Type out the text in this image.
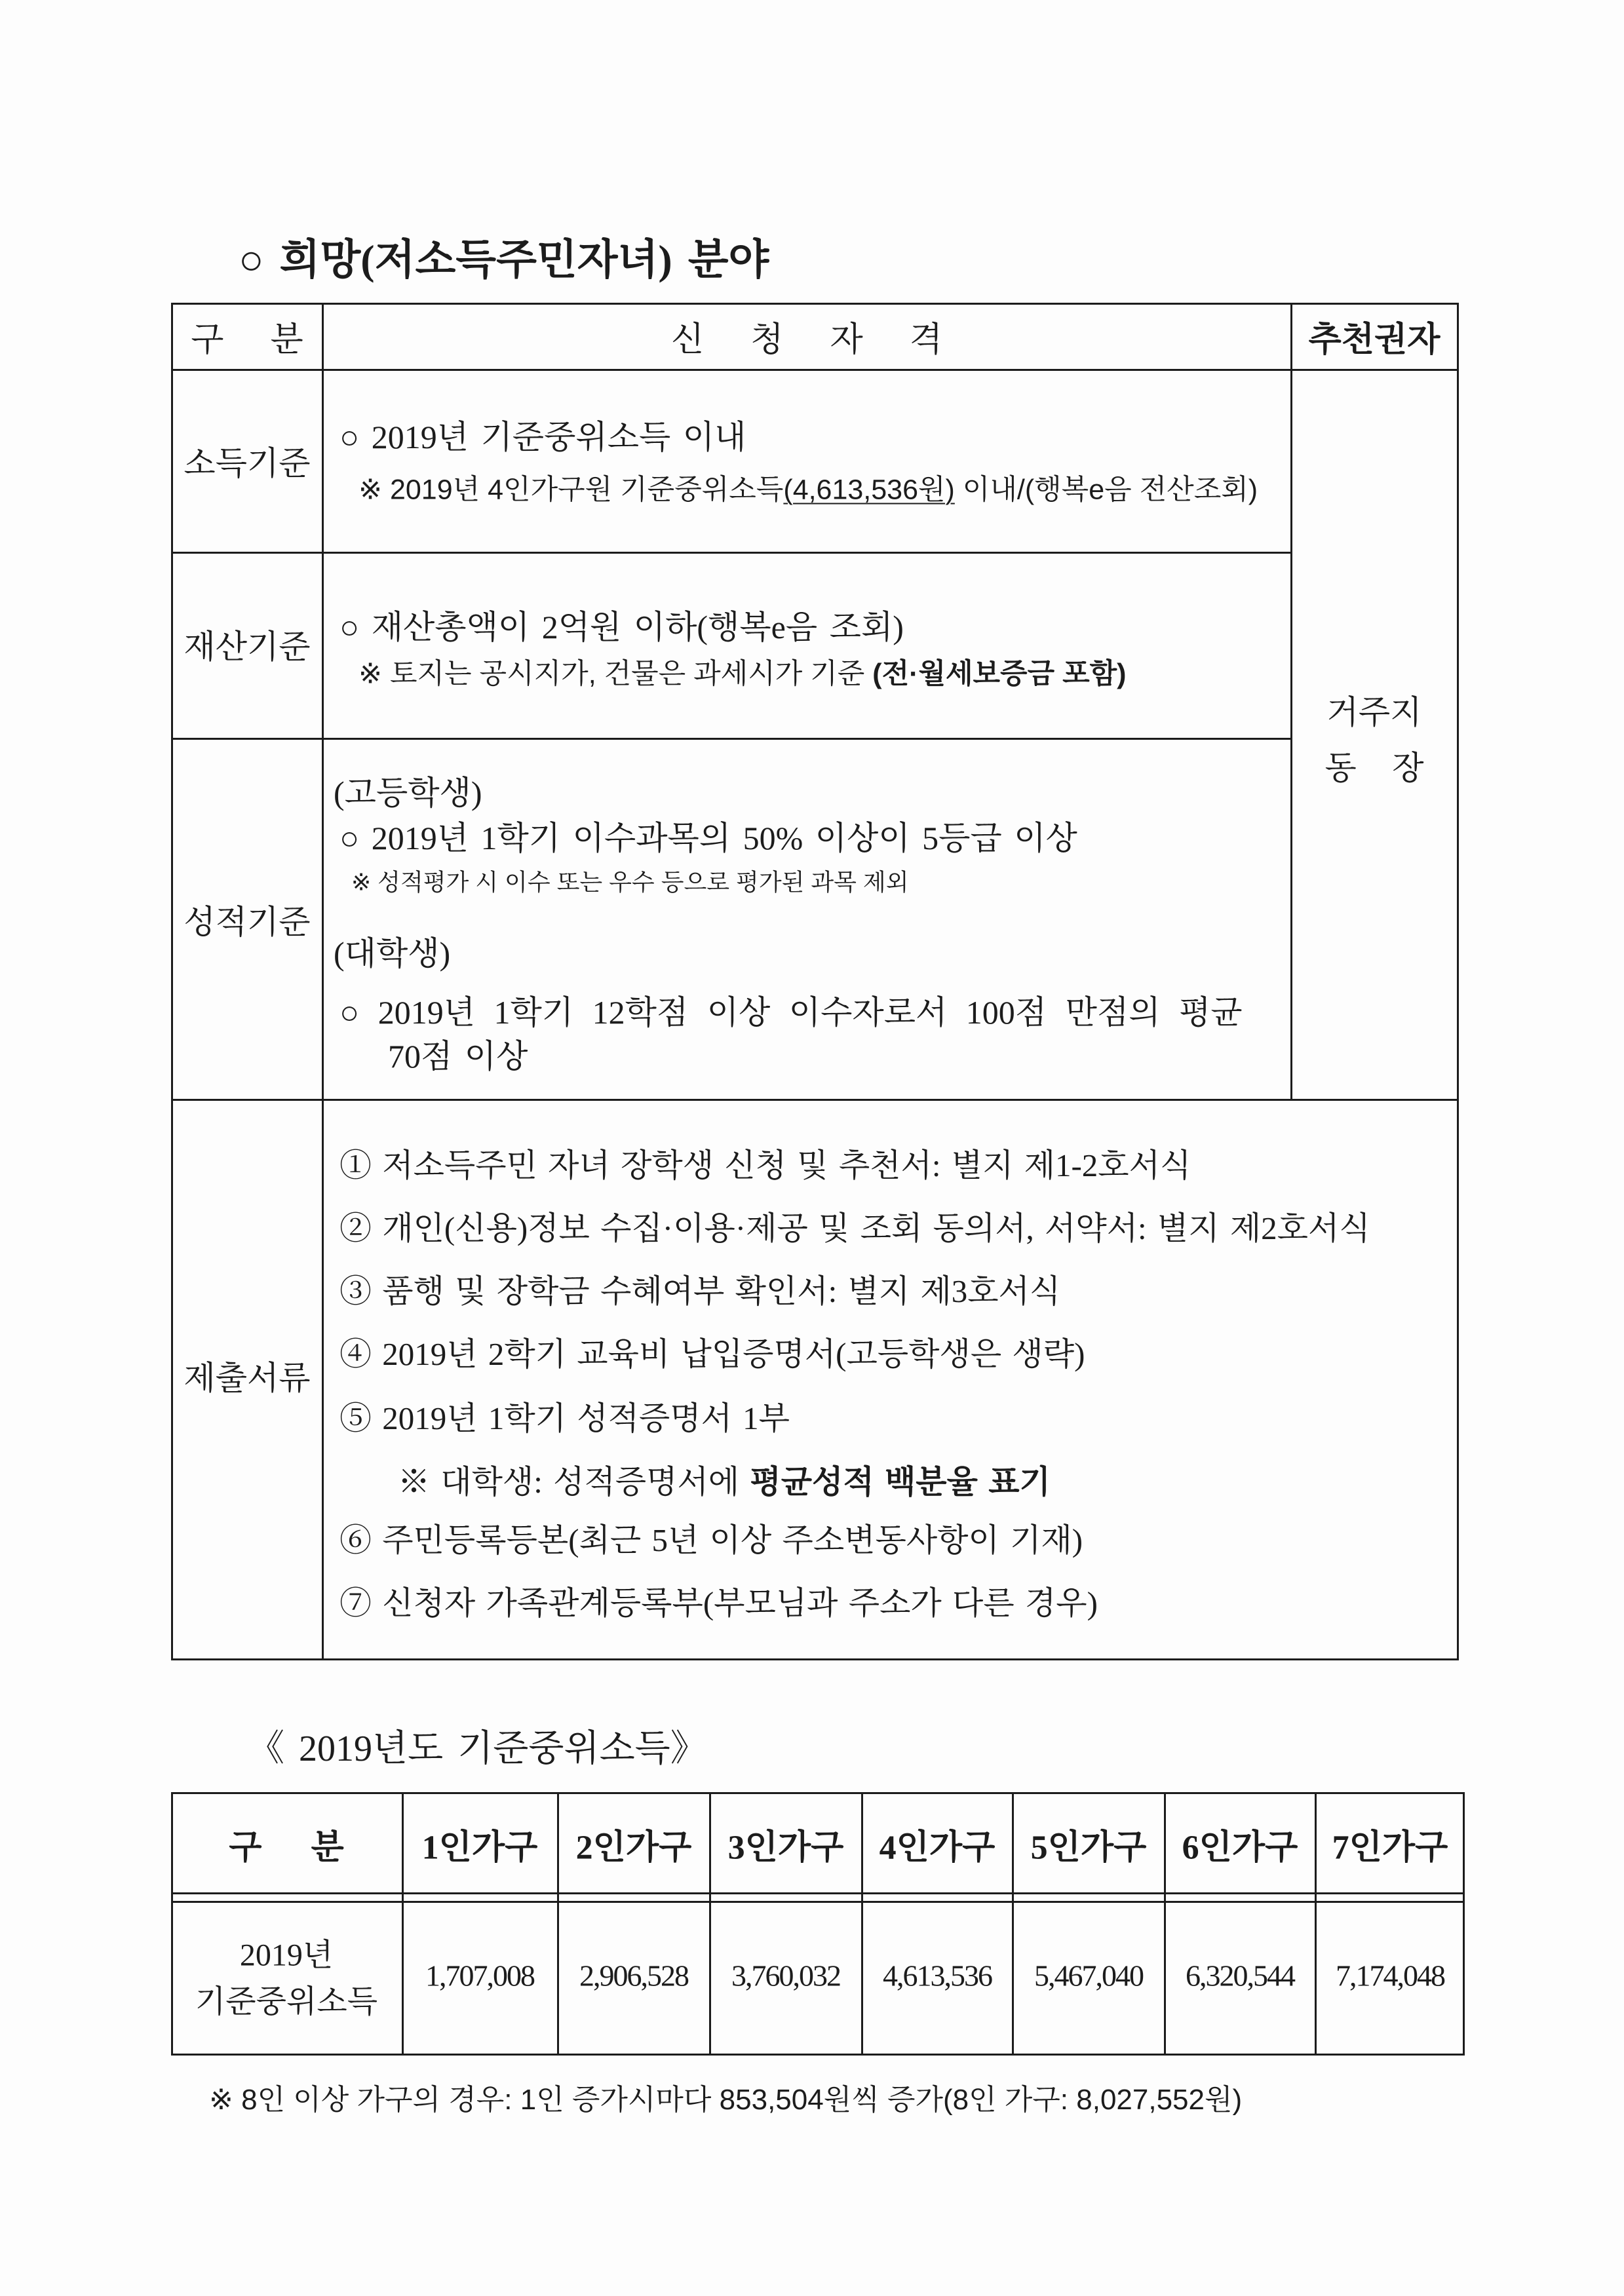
○ 희망(저소득주민자녀) 분야
구 분	신 청 자 격	추천권자
소득기준
재산기준
성적기준
제출서류
○ 2019년 기준중위소득 이내
※ 2019년 4인가구원 기준중위소득(4,613,536원) 이내/(행복e음 전산조회)
○ 재산총액이 2억원 이하(행복e음 조회)
※ 토지는 공시지가, 건물은 과세시가 기준 (전·월세보증금 포함)
(고등학생)
○ 2019년 1학기 이수과목의 50% 이상이 5등급 이상
※ 성적평가 시 이수 또는 우수 등으로 평가된 과목 제외
(대학생)
○ 2019년 1학기 12학점 이상 이수자로서 100점 만점의 평균
70점 이상
거주지
동 장
① 저소득주민 자녀 장학생 신청 및 추천서: 별지 제1-2호서식
② 개인(신용)정보 수집·이용·제공 및 조회 동의서, 서약서: 별지 제2호서식
③ 품행 및 장학금 수혜여부 확인서: 별지 제3호서식
④ 2019년 2학기 교육비 납입증명서(고등학생은 생략)
⑤ 2019년 1학기 성적증명서 1부
※ 대학생: 성적증명서에 평균성적 백분율 표기
⑥ 주민등록등본(최근 5년 이상 주소변동사항이 기재)
⑦ 신청자 가족관계등록부(부모님과 주소가 다른 경우)
《 2019년도 기준중위소득》
구 분 1인가구 2인가구 3인가구 4인가구 5인가구 6인가구 7인가구
2019년
기준중위소득
1,707,008 2,906,528 3,760,032 4,613,536 5,467,040 6,320,544 7,174,048
※ 8인 이상 가구의 경우: 1인 증가시마다 853,504원씩 증가(8인 가구: 8,027,552원)
